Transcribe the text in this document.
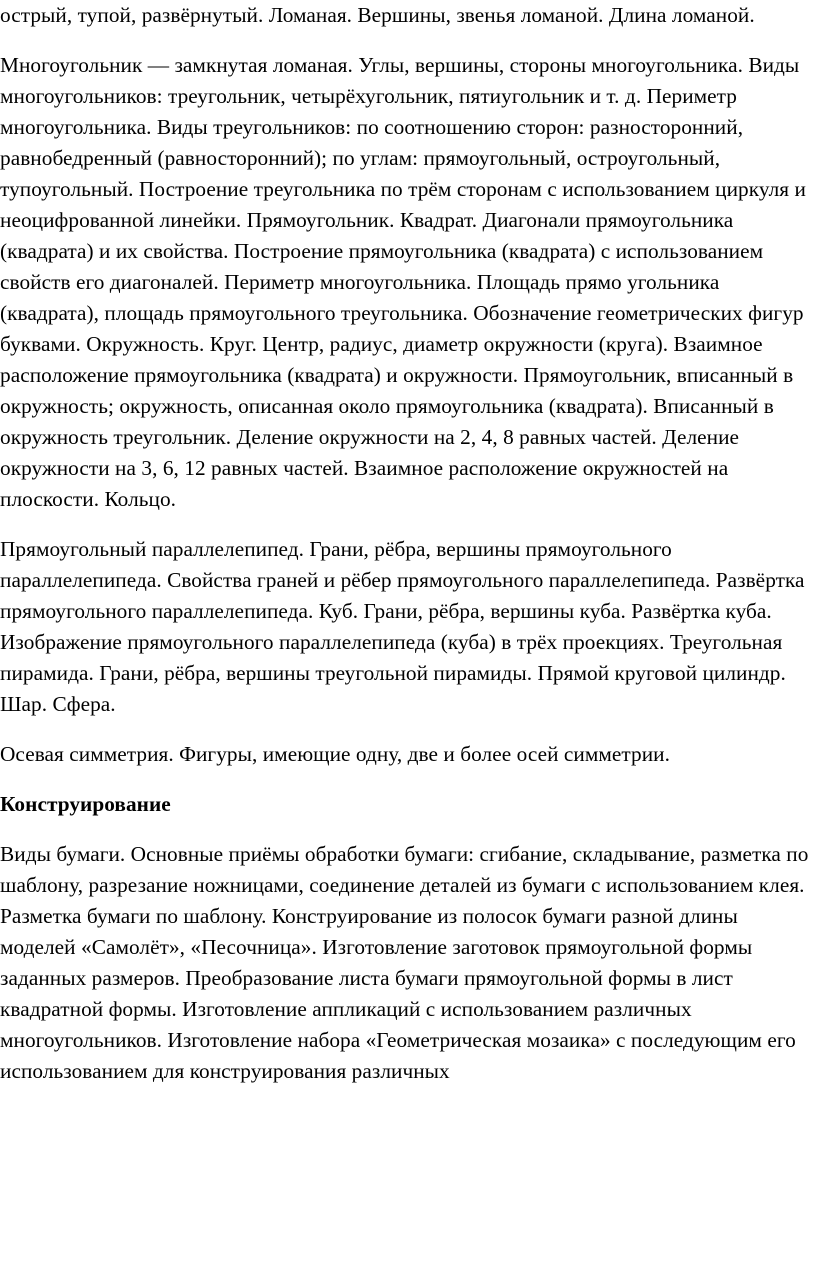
острый, тупой, развёрнутый. Ломаная. Вершины, звенья ломаной. Длина ломаной.

Многоугольник — замкнутая ломаная. Углы, вершины, стороны многоугольника. Виды многоугольников: треугольник, четырёхугольник, пятиугольник и т. д. Периметр многоугольника. Виды треугольников: по соотношению сторон: разносторонний, равнобедренный (равносторонний); по углам: прямоугольный, остроугольный, тупоугольный. Построение треугольника по трём сторонам с использованием циркуля и неоцифрованной линейки. Прямоугольник. Квадрат. Диагонали прямоугольника (квадрата) и их свойства. Построение прямоугольника (квадрата) с использованием свойств его диагоналей. Периметр многоугольника. Площадь прямо угольника (квадрата), площадь прямоугольного треугольника. Обозначение геометрических фигур буквами. Окружность. Круг. Центр, радиус, диаметр окружности (круга). Взаимное расположение прямоугольника (квадрата) и окружности. Прямоугольник, вписанный в окружность; окружность, описанная около прямоугольника (квадрата). Вписанный в окружность треугольник. Деление окружности на 2, 4, 8 равных частей. Деление окружности на 3, 6, 12 равных частей. Взаимное расположение окружностей на плоскости. Кольцо.

Прямоугольный параллелепипед. Грани, рёбра, вершины прямоугольного параллелепипеда. Свойства граней и рёбер прямоугольного параллелепипеда. Развёртка прямоугольного параллелепипеда. Куб. Грани, рёбра, вершины куба. Развёртка куба. Изображение прямоугольного параллелепипеда (куба) в трёх проекциях. Треугольная пирамида. Грани, рёбра, вершины треугольной пирамиды. Прямой круговой цилиндр. Шар. Сфера.

Осевая симметрия. Фигуры, имеющие одну, две и более осей симметрии.

Конструирование

Виды бумаги. Основные приёмы обработки бумаги: сгибание, складывание, разметка по шаблону, разрезание ножницами, соединение деталей из бумаги с использованием клея. Разметка бумаги по шаблону. Конструирование из полосок бумаги разной длины моделей «Самолёт», «Песочница». Изготовление заготовок прямоугольной формы заданных размеров. Преобразование листа бумаги прямоугольной формы в лист квадратной формы. Изготовление аппликаций с использованием различных многоугольников. Изготовление набора «Геометрическая мозаика» с последующим его использованием для конструирования различных
